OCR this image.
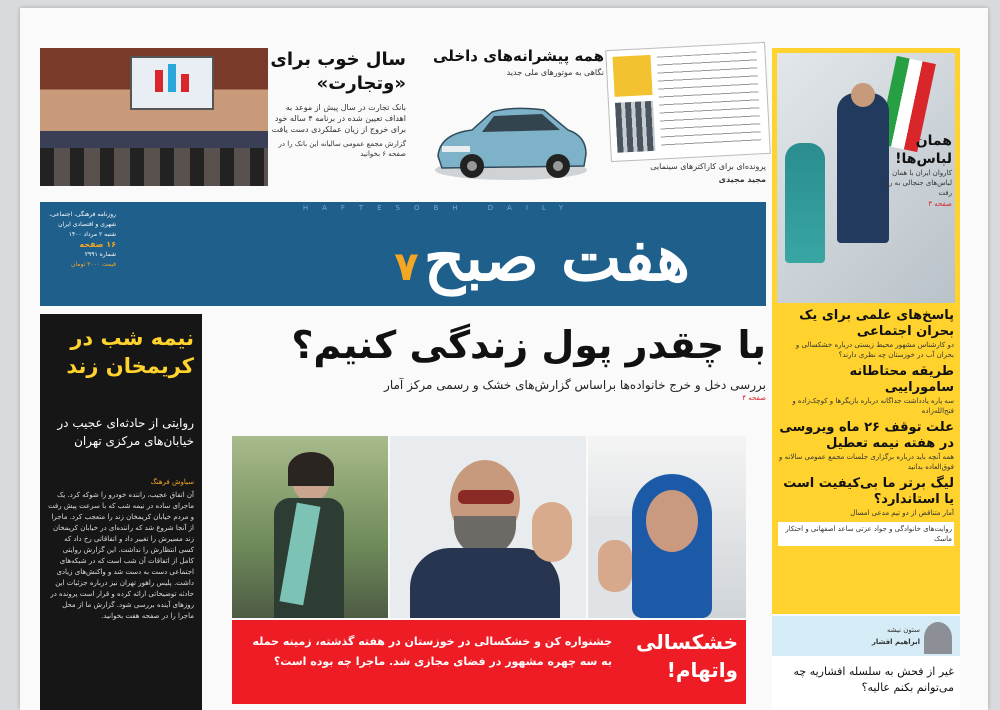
سال خوب برای «وتجارت»
بانک تجارت در سال پیش از موعد به اهداف تعیین شده در برنامه ۴ ساله خود برای خروج از زیان عملکردی دست یافت
گزارش مجمع عمومی سالیانه این بانک را در صفحه ۶ بخوانید
همه پیشرانه‌های داخلی
نگاهی به موتورهای ملی جدید
پرونده‌ای برای کاراکترهای سینمایی
مجید مجیدی
HAFTESOBH DAILY
هفت صبح ۷
روزنامه فرهنگی، اجتماعی،
شهری و اقتصادی ایران
شنبه ۲ مرداد ۱۴۰۰
۱۶ صفحه
شماره ۲۹۹۱
قیمت ۳۰۰۰ تومان
همان لباس‌ها!
کاروان ایران با همان لباس‌های جنجالی به رژه رفت
صفحه ۳
پاسخ‌های علمی برای یک بحران اجتماعی
دو کارشناس مشهور محیط زیستی درباره خشکسالی و بحران آب در خوزستان چه نظری دارند؟
طریقه محتاطانه ساموراییی
سه پاره یادداشت جداگانه درباره بازیگرها و کوچک‌زاده و فتح‌الله‌زاده
علت توقف ۲۶ ماه ویروسی در هفته نیمه تعطیل
همه آنچه باید درباره برگزاری جلسات مجمع عمومی سالانه و فوق‌العاده بدانید
لیگ برتر ما بی‌کیفیت است یا استاندارد؟
آمار متناقض از دو تیم مدعی امسال
روایت‌های خانوادگی و جواد عزتی ساعد اصفهانی و احتکار ماسک
ستون نیشه
ابراهیم افشار
غیر از فحش به سلسله افشاریه چه می‌توانم بکنم عالیه؟
با چقدر پول زندگی کنیم؟
بررسی دخل و خرج خانواده‌ها براساس گزارش‌های خشک و رسمی مرکز آمار
صفحه ۴
نیمه شب در کریمخان زند
روایتی از حادثه‌ای عجیب در خیابان‌های مرکزی تهران
سیاوش فرهنگ
آن اتفاق عجیب، راننده خودرو را شوکه کرد. یک ماجرای ساده در نیمه شب که با سرعت پیش رفت و مردم خیابان کریمخان زند را متعجب کرد. ماجرا از آنجا شروع شد که راننده‌ای در خیابان کریمخان زند مسیرش را تغییر داد و اتفاقاتی رخ داد که کسی انتظارش را نداشت. این گزارش روایتی کامل از اتفاقات آن شب است که در شبکه‌های اجتماعی دست به دست شد و واکنش‌های زیادی داشت. پلیس راهور تهران نیز درباره جزئیات این حادثه توضیحاتی ارائه کرده و قرار است پرونده در روزهای آینده بررسی شود. گزارش ما از محل ماجرا را در صفحه هفت بخوانید.
خشکسالی واتهام!
جشنواره کن و خشکسالی در خوزستان در هفته گذشته، زمینه حمله به سه چهره مشهور در فضای مجازی شد. ماجرا چه بوده است؟
